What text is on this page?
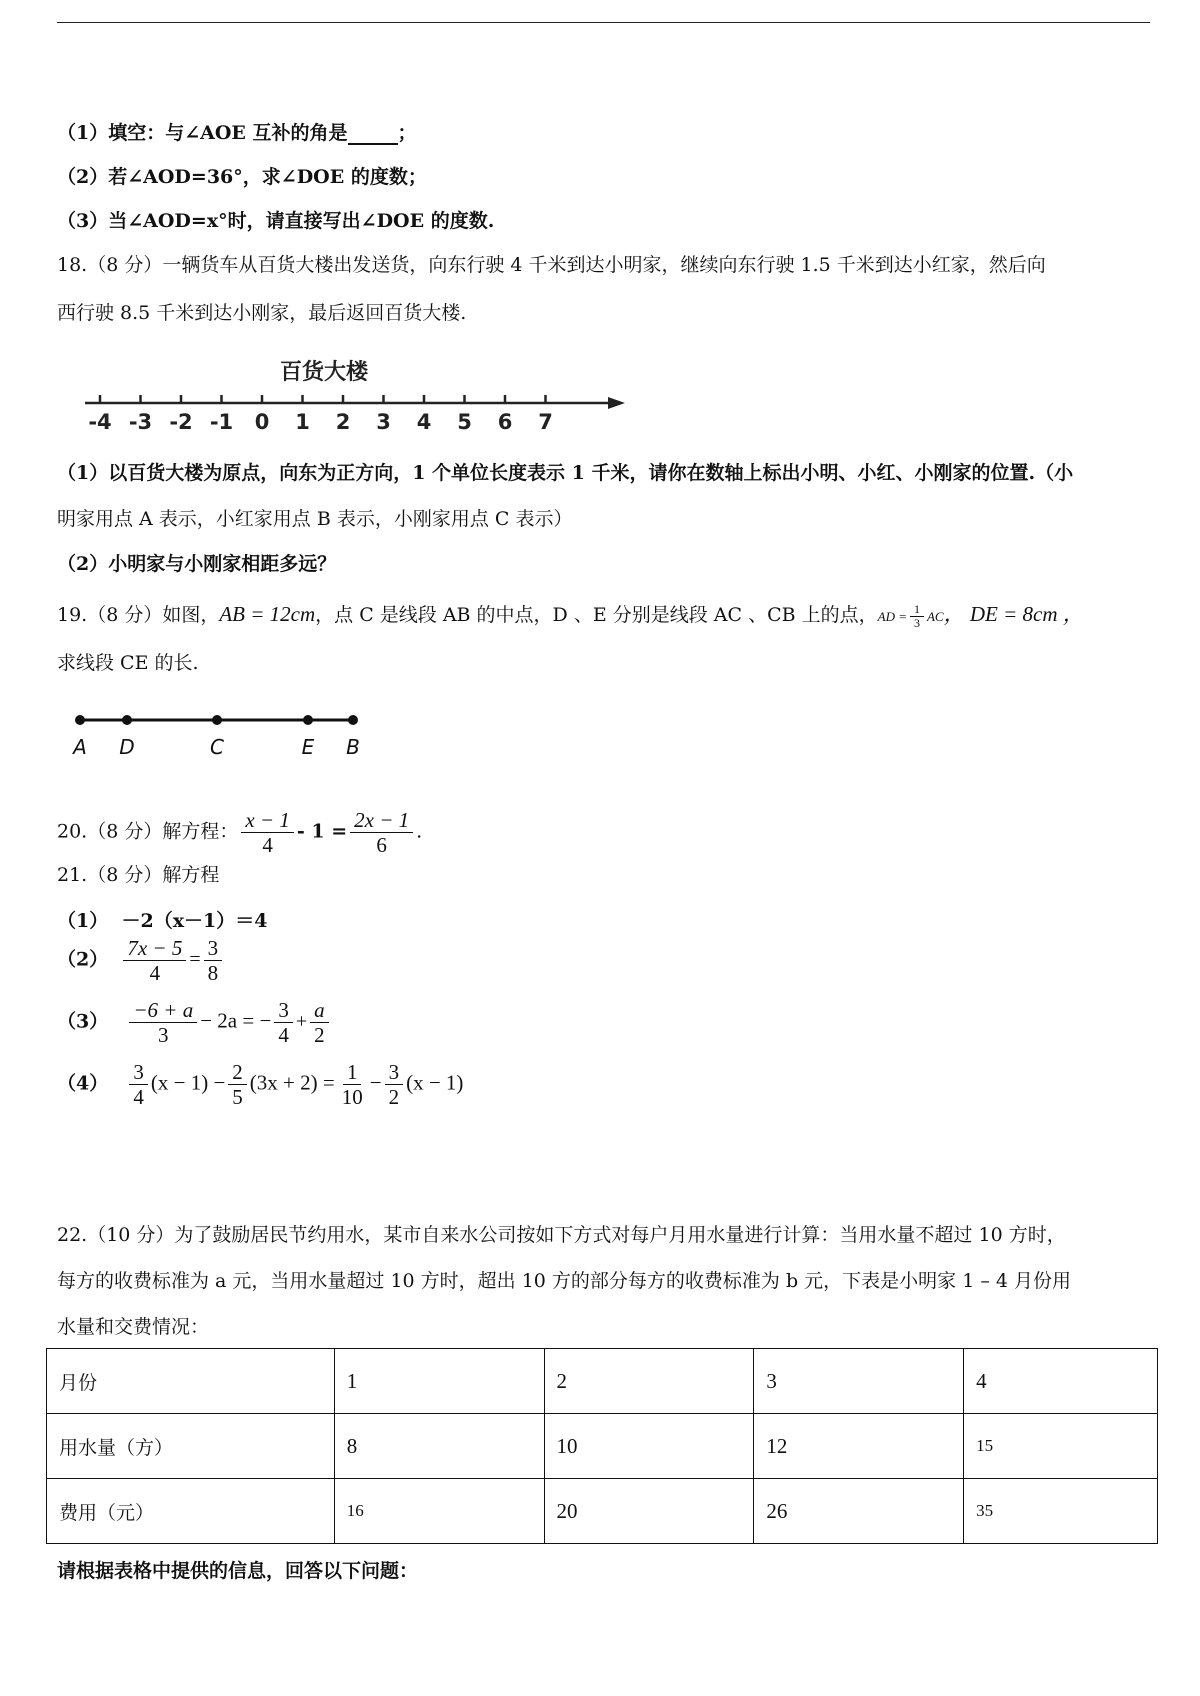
（1）填空：与∠AOE 互补的角是	；
（2）若∠AOD=36°，求∠DOE 的度数；
（3）当∠AOD=x°时，请直接写出∠DOE 的度数.
18.（8 分）一辆货车从百货大楼出发送货，向东行驶 4 千米到达小明家，继续向东行驶 1.5 千米到达小红家，然后向
西行驶 8.5 千米到达小刚家，最后返回百货大楼.
百货大楼
-4 -3 -2 -1 0 1 2 3 4 5 6 7
（1）以百货大楼为原点，向东为正方向，1 个单位长度表示 1 千米，请你在数轴上标出小明、小红、小刚家的位置.（小
明家用点 A 表示，小红家用点 B 表示，小刚家用点 C 表示）
（2）小明家与小刚家相距多远？
19.（8 分）如图，AB = 12cm，点 C 是线段 AB 的中点，D 、E 分别是线段 AC 、CB 上的点，AD = $\frac{1}{3}$ AC， DE = 8cm ，
求线段 CE 的长.
A D	C	E B
20.（8 分）解方程： $\frac{x - 1}{4} - 1 = \frac{2x - 1}{6}$ .
21.（8 分）解方程
（1） －2（x－1）＝4
$(2) \frac{7x - 5}{4} = \frac{3}{8}$
$(3) \frac{-6 + a}{3} - 2a$ = − $\frac{3}{4} + \frac{a}{2}$
$(4) \frac{3}{4} (x - 1) - \frac{2}{5} (3x + 2) = \frac{1}{10} - \frac{3}{2} (x - 1)$
22.（10 分）为了鼓励居民节约用水，某市自来水公司按如下方式对每户月用水量进行计算：当用水量不超过 10 方时，
每方的收费标准为 a 元，当用水量超过 10 方时，超出 10 方的部分每方的收费标准为 b 元，下表是小明家 1 – 4 月份用
水量和交费情况：
月份	1	2	3	4
用水量（方）	8	10	12	15
费用（元）	16	20	26	35
请根据表格中提供的信息，回答以下问题：
